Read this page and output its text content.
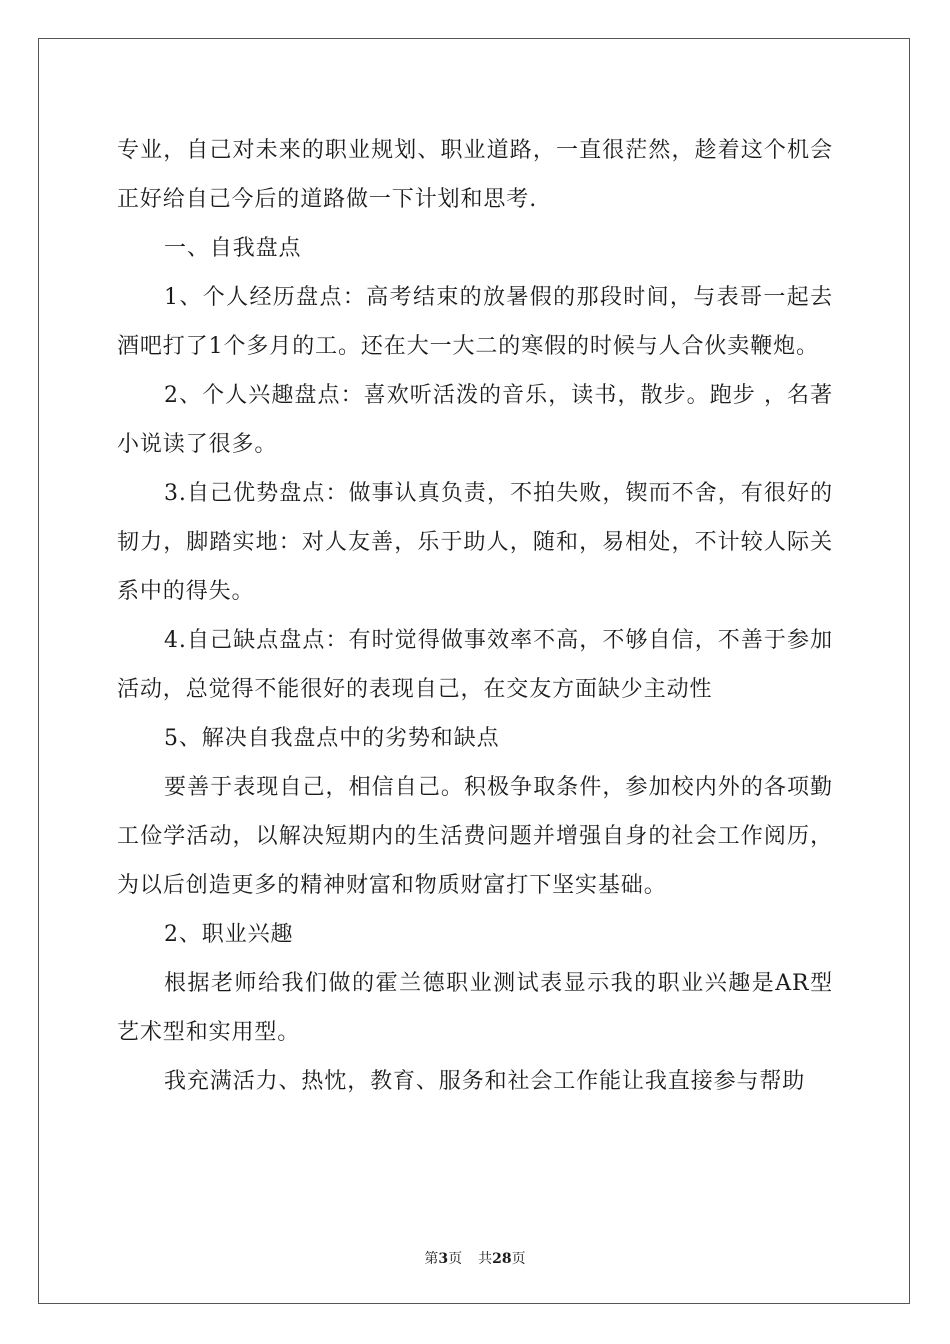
专业，自己对未来的职业规划、职业道路，一直很茫然，趁着这个机会正好给自己今后的道路做一下计划和思考.

一、自我盘点

1、个人经历盘点：高考结束的放暑假的那段时间，与表哥一起去酒吧打了1个多月的工。还在大一大二的寒假的时候与人合伙卖鞭炮。

2、个人兴趣盘点：喜欢听活泼的音乐，读书，散步。跑步 ，名著小说读了很多。

3.自己优势盘点：做事认真负责，不拍失败，锲而不舍，有很好的韧力，脚踏实地：对人友善，乐于助人，随和，易相处，不计较人际关系中的得失。

4.自己缺点盘点：有时觉得做事效率不高，不够自信，不善于参加活动，总觉得不能很好的表现自己，在交友方面缺少主动性

5、解决自我盘点中的劣势和缺点

要善于表现自己，相信自己。积极争取条件，参加校内外的各项勤工俭学活动，以解决短期内的生活费问题并增强自身的社会工作阅历，为以后创造更多的精神财富和物质财富打下坚实基础。

2、职业兴趣

根据老师给我们做的霍兰德职业测试表显示我的职业兴趣是AR型艺术型和实用型。

我充满活力、热忱，教育、服务和社会工作能让我直接参与帮助

第3页 共28页
